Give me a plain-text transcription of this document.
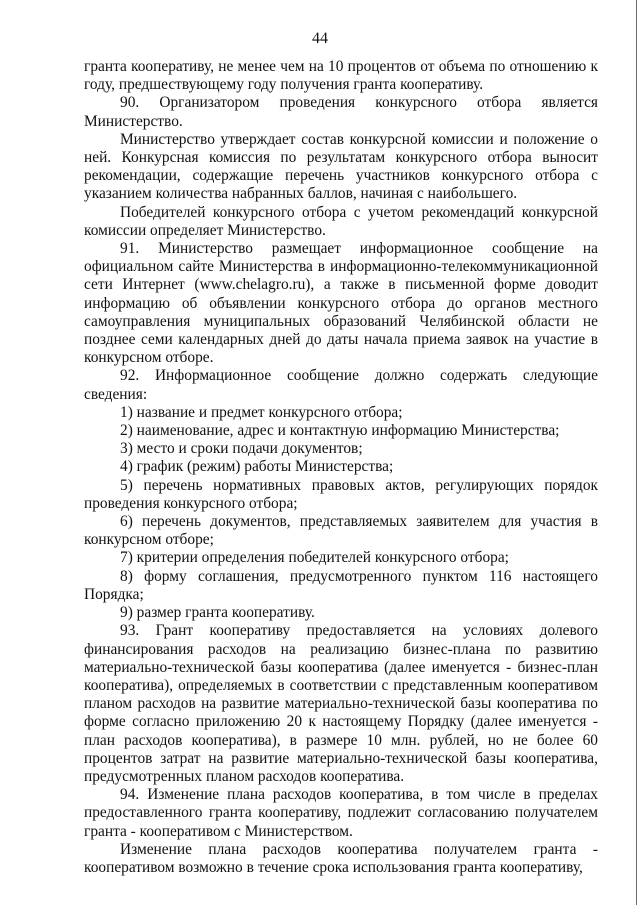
44

гранта кооперативу, не менее чем на 10 процентов от объема по отношению к году, предшествующему году получения гранта кооперативу.

90. Организатором проведения конкурсного отбора является Министерство.

Министерство утверждает состав конкурсной комиссии и положение о ней. Конкурсная комиссия по результатам конкурсного отбора выносит рекомендации, содержащие перечень участников конкурсного отбора с указанием количества набранных баллов, начиная с наибольшего.

Победителей конкурсного отбора с учетом рекомендаций конкурсной комиссии определяет Министерство.

91. Министерство размещает информационное сообщение на официальном сайте Министерства в информационно-телекоммуникационной сети Интернет (www.chelagro.ru), а также в письменной форме доводит информацию об объявлении конкурсного отбора до органов местного самоуправления муниципальных образований Челябинской области не позднее семи календарных дней до даты начала приема заявок на участие в конкурсном отборе.

92. Информационное сообщение должно содержать следующие сведения:

1) название и предмет конкурсного отбора;

2) наименование, адрес и контактную информацию Министерства;

3) место и сроки подачи документов;

4) график (режим) работы Министерства;

5) перечень нормативных правовых актов, регулирующих порядок проведения конкурсного отбора;

6) перечень документов, представляемых заявителем для участия в конкурсном отборе;

7) критерии определения победителей конкурсного отбора;

8) форму соглашения, предусмотренного пунктом 116 настоящего Порядка;

9) размер гранта кооперативу.

93. Грант кооперативу предоставляется на условиях долевого финансирования расходов на реализацию бизнес-плана по развитию материально-технической базы кооператива (далее именуется - бизнес-план кооператива), определяемых в соответствии с представленным кооперативом планом расходов на развитие материально-технической базы кооператива по форме согласно приложению 20 к настоящему Порядку (далее именуется - план расходов кооператива), в размере 10 млн. рублей, но не более 60 процентов затрат на развитие материально-технической базы кооператива, предусмотренных планом расходов кооператива.

94. Изменение плана расходов кооператива, в том числе в пределах предоставленного гранта кооперативу, подлежит согласованию получателем гранта - кооперативом с Министерством.

Изменение плана расходов кооператива получателем гранта - кооперативом возможно в течение срока использования гранта кооперативу,
